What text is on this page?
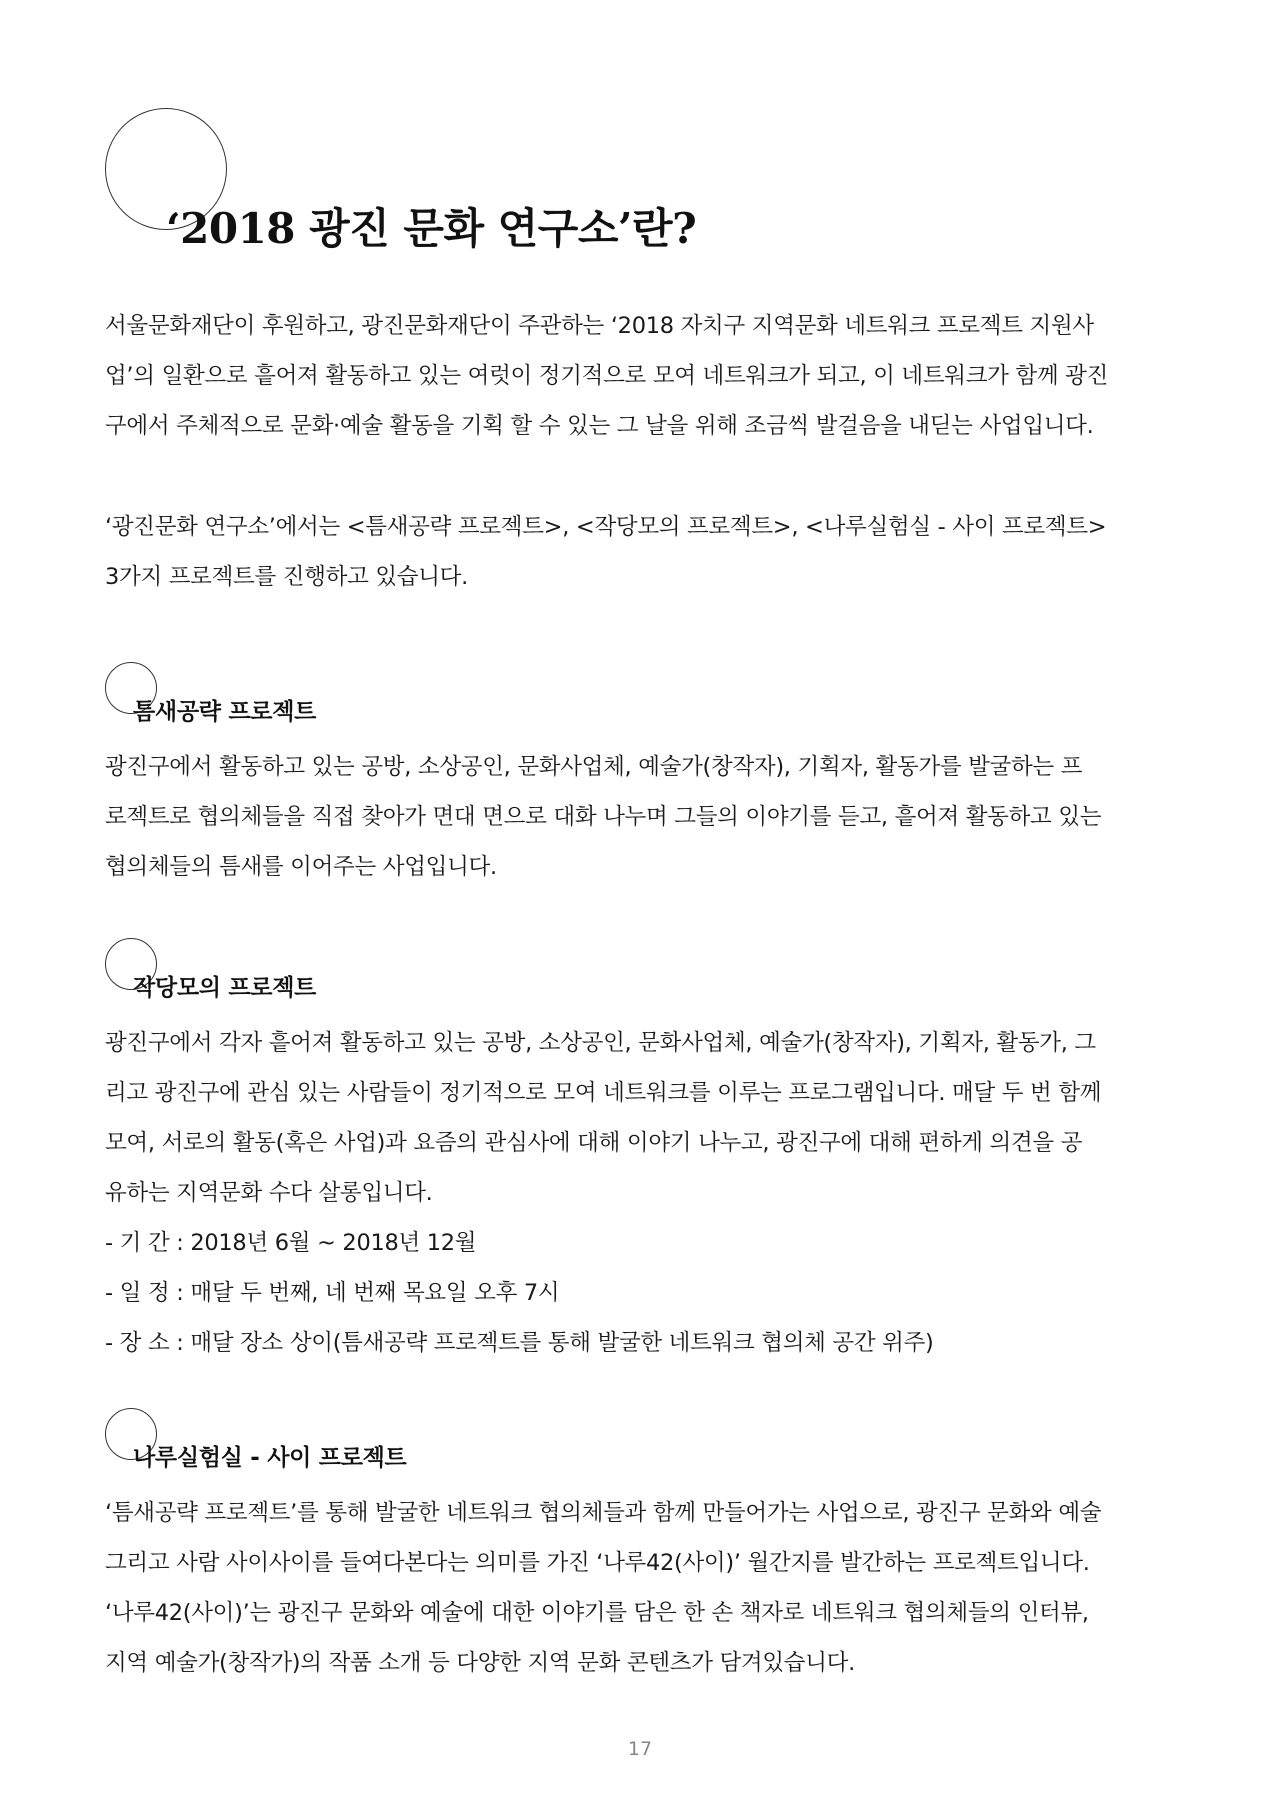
‘2018 광진 문화 연구소’란?

서울문화재단이 후원하고, 광진문화재단이 주관하는 ‘2018 자치구 지역문화 네트워크 프로젝트 지원사
업’의 일환으로 흩어져 활동하고 있는 여럿이 정기적으로 모여 네트워크가 되고, 이 네트워크가 함께 광진
구에서 주체적으로 문화·예술 활동을 기획 할 수 있는 그 날을 위해 조금씩 발걸음을 내딛는 사업입니다.

‘광진문화 연구소’에서는 <틈새공략 프로젝트>, <작당모의 프로젝트>, <나루실험실 - 사이 프로젝트>
3가지 프로젝트를 진행하고 있습니다.

틈새공략 프로젝트

광진구에서 활동하고 있는 공방, 소상공인, 문화사업체, 예술가(창작자), 기획자, 활동가를 발굴하는 프
로젝트로 협의체들을 직접 찾아가 면대 면으로 대화 나누며 그들의 이야기를 듣고, 흩어져 활동하고 있는
협의체들의 틈새를 이어주는 사업입니다.

작당모의 프로젝트

광진구에서 각자 흩어져 활동하고 있는 공방, 소상공인, 문화사업체, 예술가(창작자), 기획자, 활동가, 그
리고 광진구에 관심 있는 사람들이 정기적으로 모여 네트워크를 이루는 프로그램입니다. 매달 두 번 함께
모여, 서로의 활동(혹은 사업)과 요즘의 관심사에 대해 이야기 나누고, 광진구에 대해 편하게 의견을 공
유하는 지역문화 수다 살롱입니다.
- 기 간 : 2018년 6월 ~ 2018년 12월
- 일 정 : 매달 두 번째, 네 번째 목요일 오후 7시
- 장 소 : 매달 장소 상이(틈새공략 프로젝트를 통해 발굴한 네트워크 협의체 공간 위주)

나루실험실 - 사이 프로젝트

‘틈새공략 프로젝트’를 통해 발굴한 네트워크 협의체들과 함께 만들어가는 사업으로, 광진구 문화와 예술
그리고 사람 사이사이를 들여다본다는 의미를 가진 ‘나루42(사이)’ 월간지를 발간하는 프로젝트입니다.
‘나루42(사이)’는 광진구 문화와 예술에 대한 이야기를 담은 한 손 책자로 네트워크 협의체들의 인터뷰,
지역 예술가(창작가)의 작품 소개 등 다양한 지역 문화 콘텐츠가 담겨있습니다.

17
